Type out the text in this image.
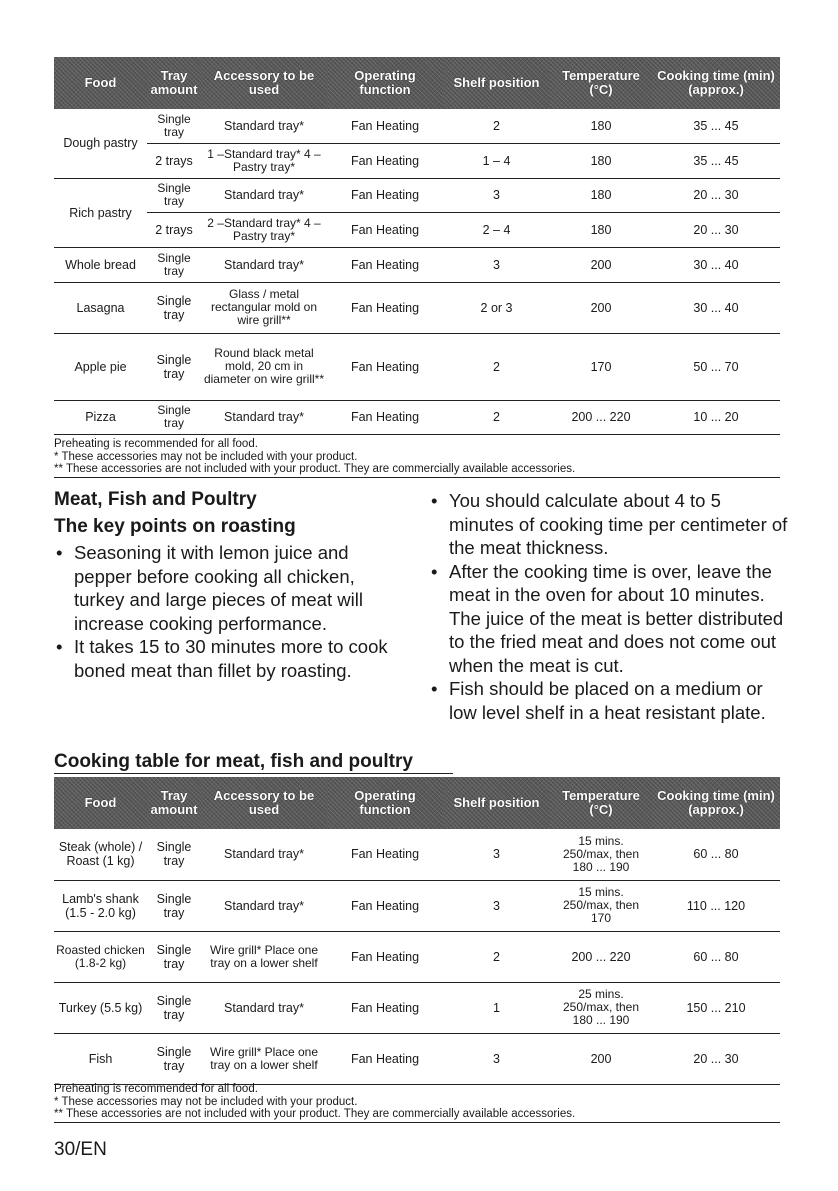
Food	Tray amount	Accessory to be used	Operating function	Shelf position	Temperature (°C)	Cooking time (min) (approx.)
Dough pastry	Single tray	Standard tray*	Fan Heating	2	180	35 ... 45
	2 trays	1 –Standard tray* 4 –Pastry tray*	Fan Heating	1 – 4	180	35 ... 45
Rich pastry	Single tray	Standard tray*	Fan Heating	3	180	20 ... 30
	2 trays	2 –Standard tray* 4 –Pastry tray*	Fan Heating	2 – 4	180	20 ... 30
Whole bread	Single tray	Standard tray*	Fan Heating	3	200	30 ... 40
Lasagna	Single tray	Glass / metal rectangular mold on wire grill**	Fan Heating	2 or 3	200	30 ... 40
Apple pie	Single tray	Round black metal mold, 20 cm in diameter on wire grill**	Fan Heating	2	170	50 ... 70
Pizza	Single tray	Standard tray*	Fan Heating	2	200 ... 220	10 ... 20
Preheating is recommended for all food.
* These accessories may not be included with your product.
** These accessories are not included with your product. They are commercially available accessories.
Meat, Fish and Poultry
The key points on roasting
• Seasoning it with lemon juice and pepper before cooking all chicken, turkey and large pieces of meat will increase cooking performance.
• It takes 15 to 30 minutes more to cook boned meat than fillet by roasting.
• You should calculate about 4 to 5 minutes of cooking time per centimeter of the meat thickness.
• After the cooking time is over, leave the meat in the oven for about 10 minutes. The juice of the meat is better distributed to the fried meat and does not come out when the meat is cut.
• Fish should be placed on a medium or low level shelf in a heat resistant plate.
Cooking table for meat, fish and poultry
Food	Tray amount	Accessory to be used	Operating function	Shelf position	Temperature (°C)	Cooking time (min) (approx.)
Steak (whole) / Roast (1 kg)	Single tray	Standard tray*	Fan Heating	3	15 mins. 250/max, then 180 ... 190	60 ... 80
Lamb's shank (1.5 - 2.0 kg)	Single tray	Standard tray*	Fan Heating	3	15 mins. 250/max, then 170	110 ... 120
Roasted chicken (1.8-2 kg)	Single tray	Wire grill* Place one tray on a lower shelf	Fan Heating	2	200 ... 220	60 ... 80
Turkey (5.5 kg)	Single tray	Standard tray*	Fan Heating	1	25 mins. 250/max, then 180 ... 190	150 ... 210
Fish	Single tray	Wire grill* Place one tray on a lower shelf	Fan Heating	3	200	20 ... 30
Preheating is recommended for all food.
* These accessories may not be included with your product.
** These accessories are not included with your product. They are commercially available accessories.
30/EN
